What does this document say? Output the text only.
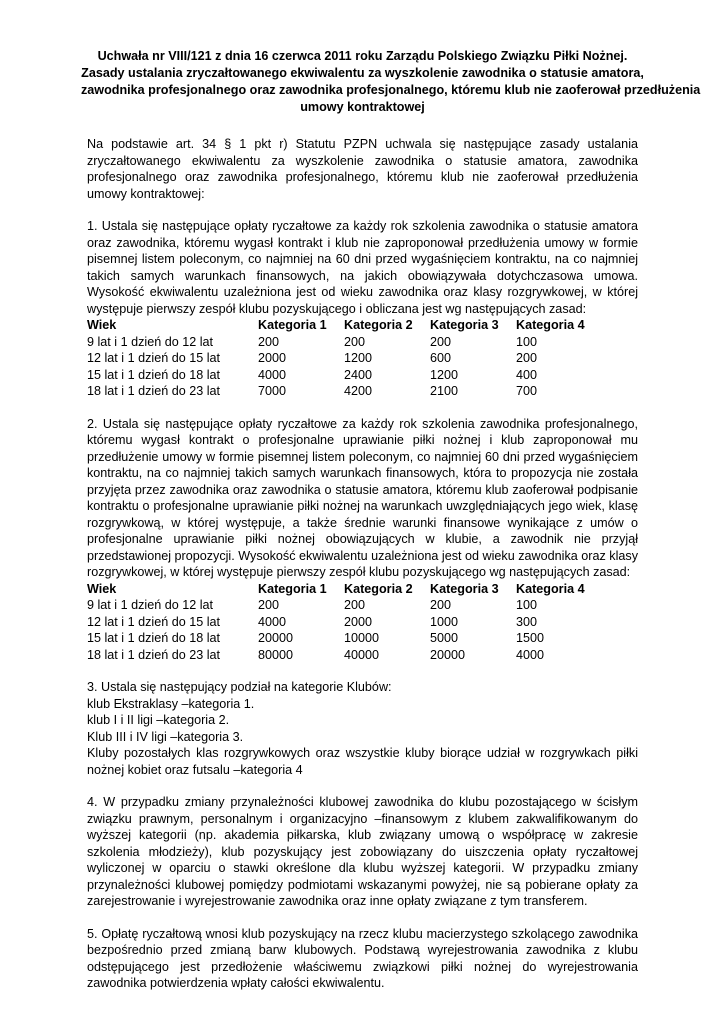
Uchwała nr VIII/121 z dnia 16 czerwca 2011 roku Zarządu Polskiego Związku Piłki Nożnej.
Zasady ustalania zryczałtowanego ekwiwalentu za wyszkolenie zawodnika o statusie amatora,
zawodnika profesjonalnego oraz zawodnika profesjonalnego, któremu klub nie zaoferował przedłużenia
umowy kontraktowej

Na podstawie art. 34 § 1 pkt r) Statutu PZPN uchwala się następujące zasady ustalania zryczałtowanego ekwiwalentu za wyszkolenie zawodnika o statusie amatora, zawodnika profesjonalnego oraz zawodnika profesjonalnego, któremu klub nie zaoferował przedłużenia umowy kontraktowej:

1. Ustala się następujące opłaty ryczałtowe za każdy rok szkolenia zawodnika o statusie amatora oraz zawodnika, któremu wygasł kontrakt i klub nie zaproponował przedłużenia umowy w formie pisemnej listem poleconym, co najmniej na 60 dni przed wygaśnięciem kontraktu, na co najmniej takich samych warunkach finansowych, na jakich obowiązywała dotychczasowa umowa. Wysokość ekwiwalentu uzależniona jest od wieku zawodnika oraz klasy rozgrywkowej, w której występuje pierwszy zespół klubu pozyskującego i obliczana jest wg następujących zasad:

Wiek	Kategoria 1	Kategoria 2	Kategoria 3	Kategoria 4
9 lat i 1 dzień do 12 lat	200	200	200	100
12 lat i 1 dzień do 15 lat	2000	1200	600	200
15 lat i 1 dzień do 18 lat	4000	2400	1200	400
18 lat i 1 dzień do 23 lat	7000	4200	2100	700

2. Ustala się następujące opłaty ryczałtowe za każdy rok szkolenia zawodnika profesjonalnego, któremu wygasł kontrakt o profesjonalne uprawianie piłki nożnej i klub zaproponował mu przedłużenie umowy w formie pisemnej listem poleconym, co najmniej 60 dni przed wygaśnięciem kontraktu, na co najmniej takich samych warunkach finansowych, która to propozycja nie została przyjęta przez zawodnika oraz zawodnika o statusie amatora, któremu klub zaoferował podpisanie kontraktu o profesjonalne uprawianie piłki nożnej na warunkach uwzględniających jego wiek, klasę rozgrywkową, w której występuje, a także średnie warunki finansowe wynikające z umów o profesjonalne uprawianie piłki nożnej obowiązujących w klubie, a zawodnik nie przyjął przedstawionej propozycji. Wysokość ekwiwalentu uzależniona jest od wieku zawodnika oraz klasy rozgrywkowej, w której występuje pierwszy zespół klubu pozyskującego wg następujących zasad:

Wiek	Kategoria 1	Kategoria 2	Kategoria 3	Kategoria 4
9 lat i 1 dzień do 12 lat	200	200	200	100
12 lat i 1 dzień do 15 lat	4000	2000	1000	300
15 lat i 1 dzień do 18 lat	20000	10000	5000	1500
18 lat i 1 dzień do 23 lat	80000	40000	20000	4000
3. Ustala się następujący podział na kategorie Klubów:
klub Ekstraklasy –kategoria 1.
klub I i II ligi –kategoria 2.
Klub III i IV ligi –kategoria 3.

Kluby pozostałych klas rozgrywkowych oraz wszystkie kluby biorące udział w rozgrywkach piłki nożnej kobiet oraz futsalu –kategoria 4

4. W przypadku zmiany przynależności klubowej zawodnika do klubu pozostającego w ścisłym związku prawnym, personalnym i organizacyjno –finansowym z klubem zakwalifikowanym do wyższej kategorii (np. akademia piłkarska, klub związany umową o współpracę w zakresie szkolenia młodzieży), klub pozyskujący jest zobowiązany do uiszczenia opłaty ryczałtowej wyliczonej w oparciu o stawki określone dla klubu wyższej kategorii. W przypadku zmiany przynależności klubowej pomiędzy podmiotami wskazanymi powyżej, nie są pobierane opłaty za zarejestrowanie i wyrejestrowanie zawodnika oraz inne opłaty związane z tym transferem.

5. Opłatę ryczałtową wnosi klub pozyskujący na rzecz klubu macierzystego szkolącego zawodnika bezpośrednio przed zmianą barw klubowych. Podstawą wyrejestrowania zawodnika z klubu odstępującego jest przedłożenie właściwemu związkowi piłki nożnej do wyrejestrowania zawodnika potwierdzenia wpłaty całości ekwiwalentu.
